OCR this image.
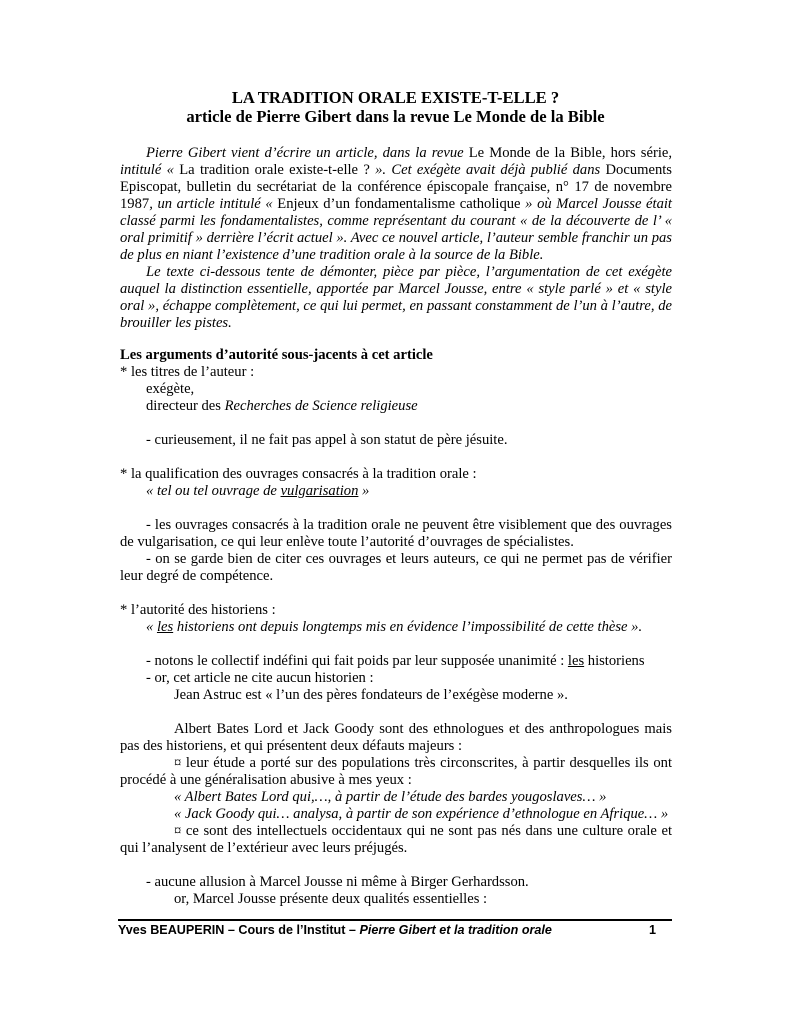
LA TRADITION ORALE EXISTE-T-ELLE ?
article de Pierre Gibert dans la revue Le Monde de la Bible

Pierre Gibert vient d’écrire un article, dans la revue Le Monde de la Bible, hors série, intitulé « La tradition orale existe-t-elle ? ». Cet exégète avait déjà publié dans Documents Episcopat, bulletin du secrétariat de la conférence épiscopale française, n° 17 de novembre 1987, un article intitulé « Enjeux d’un fondamentalisme catholique » où Marcel Jousse était classé parmi les fondamentalistes, comme représentant du courant « de la découverte de l’ « oral primitif » derrière l’écrit actuel ». Avec ce nouvel article, l’auteur semble franchir un pas de plus en niant l’existence d’une tradition orale à la source de la Bible.

Le texte ci-dessous tente de démonter, pièce par pièce, l’argumentation de cet exégète auquel la distinction essentielle, apportée par Marcel Jousse, entre « style parlé » et « style oral », échappe complètement, ce qui lui permet, en passant constamment de l’un à l’autre, de brouiller les pistes.

Les arguments d’autorité sous-jacents à cet article

* les titres de l’auteur :

exégète,

directeur des Recherches de Science religieuse

- curieusement, il ne fait pas appel à son statut de père jésuite.

* la qualification des ouvrages consacrés à la tradition orale :

« tel ou tel ouvrage de vulgarisation »

- les ouvrages consacrés à la tradition orale ne peuvent être visiblement que des ouvrages de vulgarisation, ce qui leur enlève toute l’autorité d’ouvrages de spécialistes.

- on se garde bien de citer ces ouvrages et leurs auteurs, ce qui ne permet pas de vérifier leur degré de compétence.

* l’autorité des historiens :

« les historiens ont depuis longtemps mis en évidence l’impossibilité de cette thèse ».

- notons le collectif indéfini qui fait poids par leur supposée unanimité : les historiens

- or, cet article ne cite aucun historien :

Jean Astruc est « l’un des pères fondateurs de l’exégèse moderne ».

Albert Bates Lord et Jack Goody sont des ethnologues et des anthropologues mais pas des historiens, et qui présentent deux défauts majeurs :

¤ leur étude a porté sur des populations très circonscrites, à partir desquelles ils ont procédé à une généralisation abusive à mes yeux :

« Albert Bates Lord qui,…, à partir de l’étude des bardes yougoslaves… »

« Jack Goody qui… analysa, à partir de son expérience d’ethnologue en Afrique… »

¤ ce sont des intellectuels occidentaux qui ne sont pas nés dans une culture orale et qui l’analysent de l’extérieur avec leurs préjugés.

- aucune allusion à Marcel Jousse ni même à Birger Gerhardsson.

or, Marcel Jousse présente deux qualités essentielles :

Yves BEAUPERIN – Cours de l’Institut – Pierre Gibert et la tradition orale	1
